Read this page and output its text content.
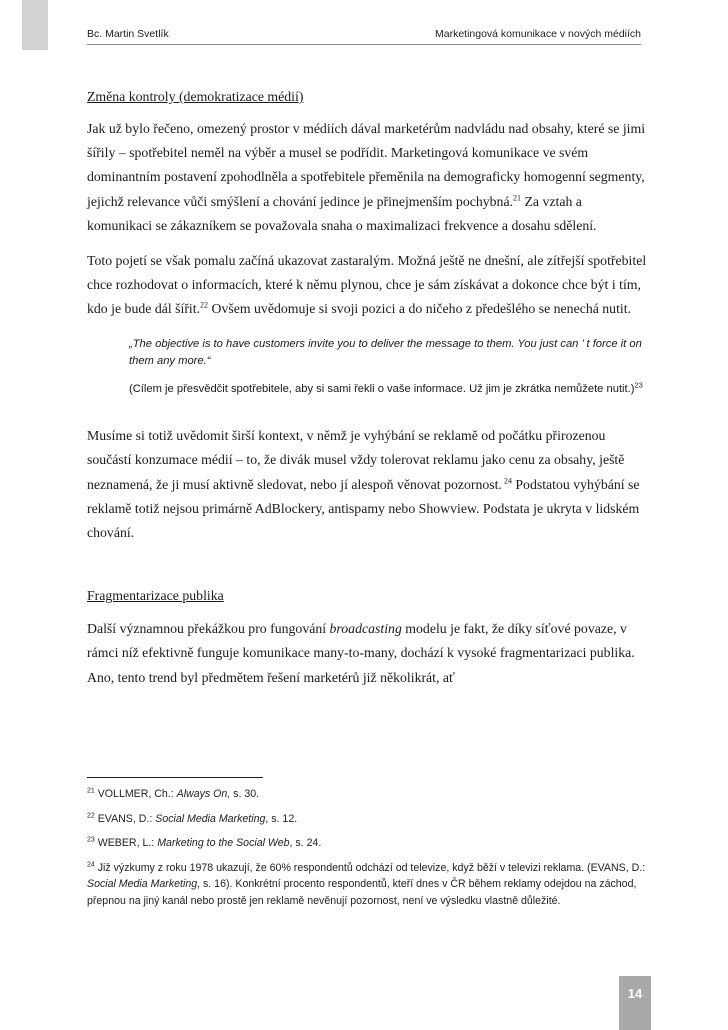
Bc. Martin Svetlík	Marketingová komunikace v nových médiích

Změna kontroly (demokratizace médií)

Jak už bylo řečeno, omezený prostor v médiích dával marketérům nadvládu nad obsahy, které se jimi šířily – spotřebitel neměl na výběr a musel se podřídit. Marketingová komunikace ve svém dominantním postavení zpohodlněla a spotřebitele přeměnila na demograficky homogenní segmenty, jejichž relevance vůči smýšlení a chování jedince je přinejmenším pochybná.$^{21}$ Za vztah a komunikaci se zákazníkem se považovala snaha o maximalizaci frekvence a dosahu sdělení.

Toto pojetí se však pomalu začíná ukazovat zastaralým. Možná ještě ne dnešní, ale zítřejší spotřebitel chce rozhodovat o informacích, které k němu plynou, chce je sám získávat a dokonce chce být i tím, kdo je bude dál šířit.$^{22}$ Ovšem uvědomuje si svoji pozici a do ničeho z předešlého se nenechá nutit.

„The objective is to have customers invite you to deliver the message to them. You just can ’ t force it on them any more.“

(Cílem je přesvědčit spotřebitele, aby si sami řekli o vaše informace. Už jim je zkrátka nemůžete nutit.)$^{23}$

Musíme si totiž uvědomit širší kontext, v němž je vyhýbání se reklamě od počátku přirozenou součástí konzumace médií – to, že divák musel vždy tolerovat reklamu jako cenu za obsahy, ještě neznamená, že ji musí aktivně sledovat, nebo jí alespoň věnovat pozornost. $^{24}$ Podstatou vyhýbání se reklamě totiž nejsou primárně AdBlockery, antispamy nebo Showview. Podstata je ukryta v lidském chování.

Fragmentarizace publika

Další významnou překážkou pro fungování broadcasting modelu je fakt, že díky síťové povaze, v rámci níž efektivně funguje komunikace many-to-many, dochází k vysoké fragmentarizaci publika. Ano, tento trend byl předmětem řešení marketérů již několikrát, ať

$^{21}$ VOLLMER, Ch.: Always On, s. 30.

$^{22}$ EVANS, D.: Social Media Marketing, s. 12.

$^{23}$ WEBER, L.: Marketing to the Social Web, s. 24.

$^{24}$ Již výzkumy z roku 1978 ukazují, že 60% respondentů odchází od televize, když běží v televizi reklama. (EVANS, D.: Social Media Marketing, s. 16). Konkrétní procento respondentů, kteří dnes v ČR během reklamy odejdou na záchod, přepnou na jiný kanál nebo prostě jen reklamě nevěnují pozornost, není ve výsledku vlastně důležité.

14
